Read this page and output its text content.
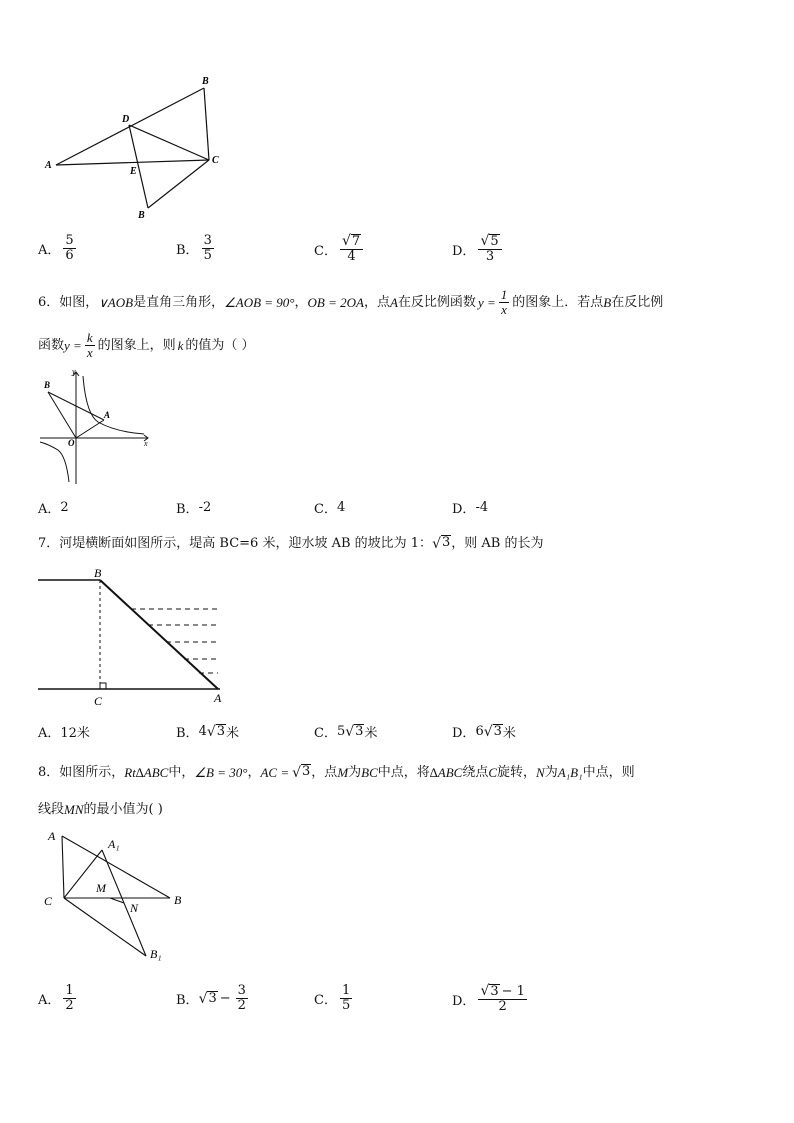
B
D
A	C
E
B
A． $\frac{5}{6}$	B． $\frac{3}{5}$	C． $\frac{√ 7}{4}$	D． $\frac{√ 5}{3}$
6．如图， ∨AOB 是直角三角形， ∠AOB = 90° ， OB = 2OA ，点 A 在反比例函数 $y = \frac{1}{x}$ 的图象上．若点 B 在反比例
函数 $y = \frac{k}{x}$ 的图象上，则 k 的值为（ ）
y
B
A
O	x
A． 2	B． -2	C． 4	D． -4
7．河堤横断面如图所示，堤高 BC=6 米，迎水坡 AB 的坡比为 1： √ 3 ，则 AB 的长为
B
C	A
A． 12米	B． 4 √ 3 米	C． 5 √ 3 米	D． 6 √ 3 米
8．如图所示， Rt∆ABC 中， ∠B = 30° ， AC = √ 3 ，点 M 为 BC 中点，将 ∆ABC 绕点 C 旋转， N 为 A₁B₁ 中点，则
线段 MN 的最小值为( )
A
A₁
M
C	N
B
B₁
A． $\frac{1}{2}$	B． √ $3 - \frac{3}{2}$	C． $\frac{1}{5}$	D． $\frac{√ 3 - 1}{2}$
